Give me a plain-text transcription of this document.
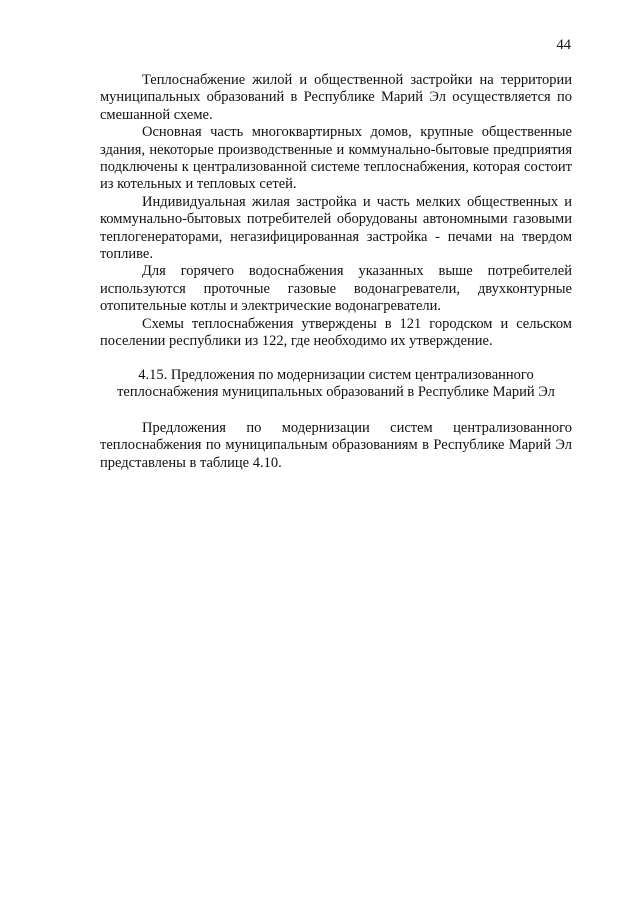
44

Теплоснабжение жилой и общественной застройки на территории муниципальных образований в Республике Марий Эл осуществляется по смешанной схеме.

Основная часть многоквартирных домов, крупные общественные здания, некоторые производственные и коммунально-бытовые предприятия подключены к централизованной системе теплоснабжения, которая состоит из котельных и тепловых сетей.

Индивидуальная жилая застройка и часть мелких общественных и коммунально-бытовых потребителей оборудованы автономными газовыми теплогенераторами, негазифицированная застройка - печами на твердом топливе.

Для горячего водоснабжения указанных выше потребителей используются проточные газовые водонагреватели, двухконтурные отопительные котлы и электрические водонагреватели.

Схемы теплоснабжения утверждены в 121 городском и сельском поселении республики из 122, где необходимо их утверждение.

4.15. Предложения по модернизации систем централизованного
теплоснабжения муниципальных образований в Республике Марий Эл

Предложения по модернизации систем централизованного теплоснабжения по муниципальным образованиям в Республике Марий Эл представлены в таблице 4.10.
